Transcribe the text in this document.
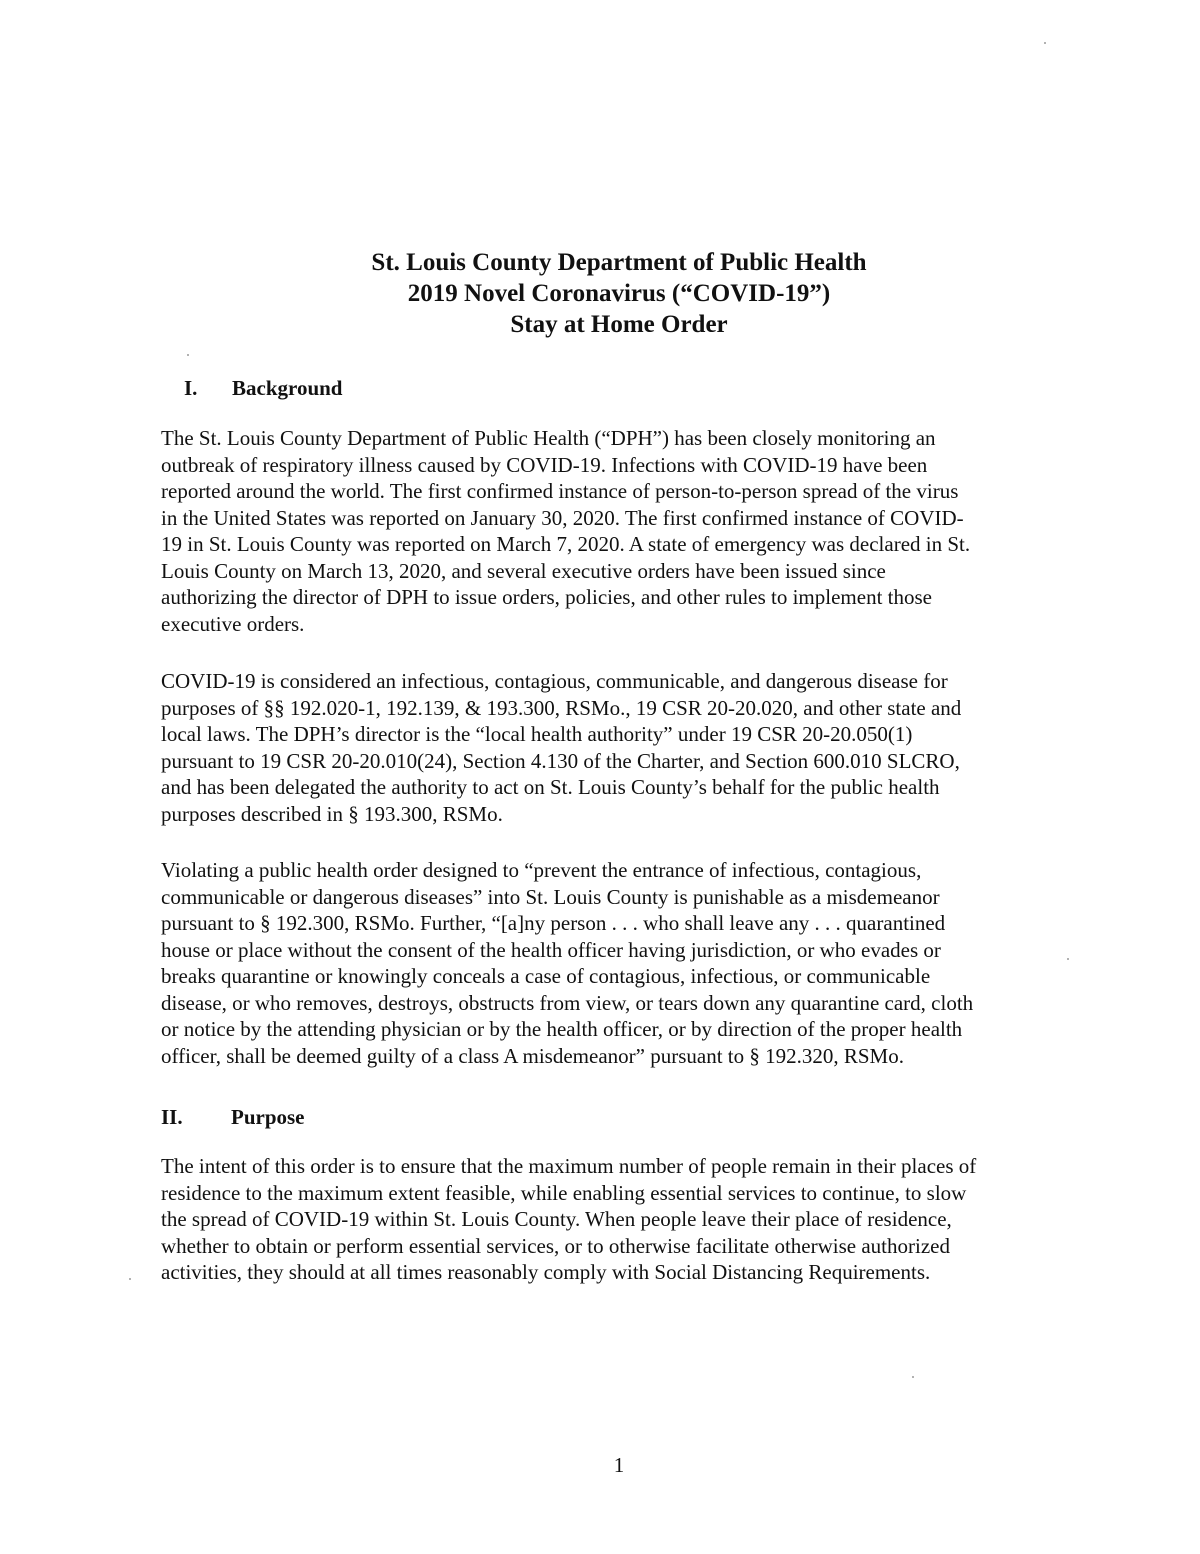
St. Louis County Department of Public Health

2019 Novel Coronavirus (“COVID-19”)

Stay at Home Order

I. Background
The St. Louis County Department of Public Health (“DPH”) has been closely monitoring an
outbreak of respiratory illness caused by COVID-19. Infections with COVID-19 have been
reported around the world. The first confirmed instance of person-to-person spread of the virus
in the United States was reported on January 30, 2020. The first confirmed instance of COVID-
19 in St. Louis County was reported on March 7, 2020. A state of emergency was declared in St.
Louis County on March 13, 2020, and several executive orders have been issued since
authorizing the director of DPH to issue orders, policies, and other rules to implement those
executive orders.
COVID-19 is considered an infectious, contagious, communicable, and dangerous disease for
purposes of §§ 192.020-1, 192.139, & 193.300, RSMo., 19 CSR 20-20.020, and other state and
local laws. The DPH’s director is the “local health authority” under 19 CSR 20-20.050(1)
pursuant to 19 CSR 20-20.010(24), Section 4.130 of the Charter, and Section 600.010 SLCRO,
and has been delegated the authority to act on St. Louis County’s behalf for the public health
purposes described in § 193.300, RSMo.
Violating a public health order designed to “prevent the entrance of infectious, contagious,
communicable or dangerous diseases” into St. Louis County is punishable as a misdemeanor
pursuant to § 192.300, RSMo. Further, “[a]ny person . . . who shall leave any . . . quarantined
house or place without the consent of the health officer having jurisdiction, or who evades or
breaks quarantine or knowingly conceals a case of contagious, infectious, or communicable
disease, or who removes, destroys, obstructs from view, or tears down any quarantine card, cloth
or notice by the attending physician or by the health officer, or by direction of the proper health
officer, shall be deemed guilty of a class A misdemeanor” pursuant to § 192.320, RSMo.
II. Purpose
The intent of this order is to ensure that the maximum number of people remain in their places of
residence to the maximum extent feasible, while enabling essential services to continue, to slow
the spread of COVID-19 within St. Louis County. When people leave their place of residence,
whether to obtain or perform essential services, or to otherwise facilitate otherwise authorized
activities, they should at all times reasonably comply with Social Distancing Requirements.
1
